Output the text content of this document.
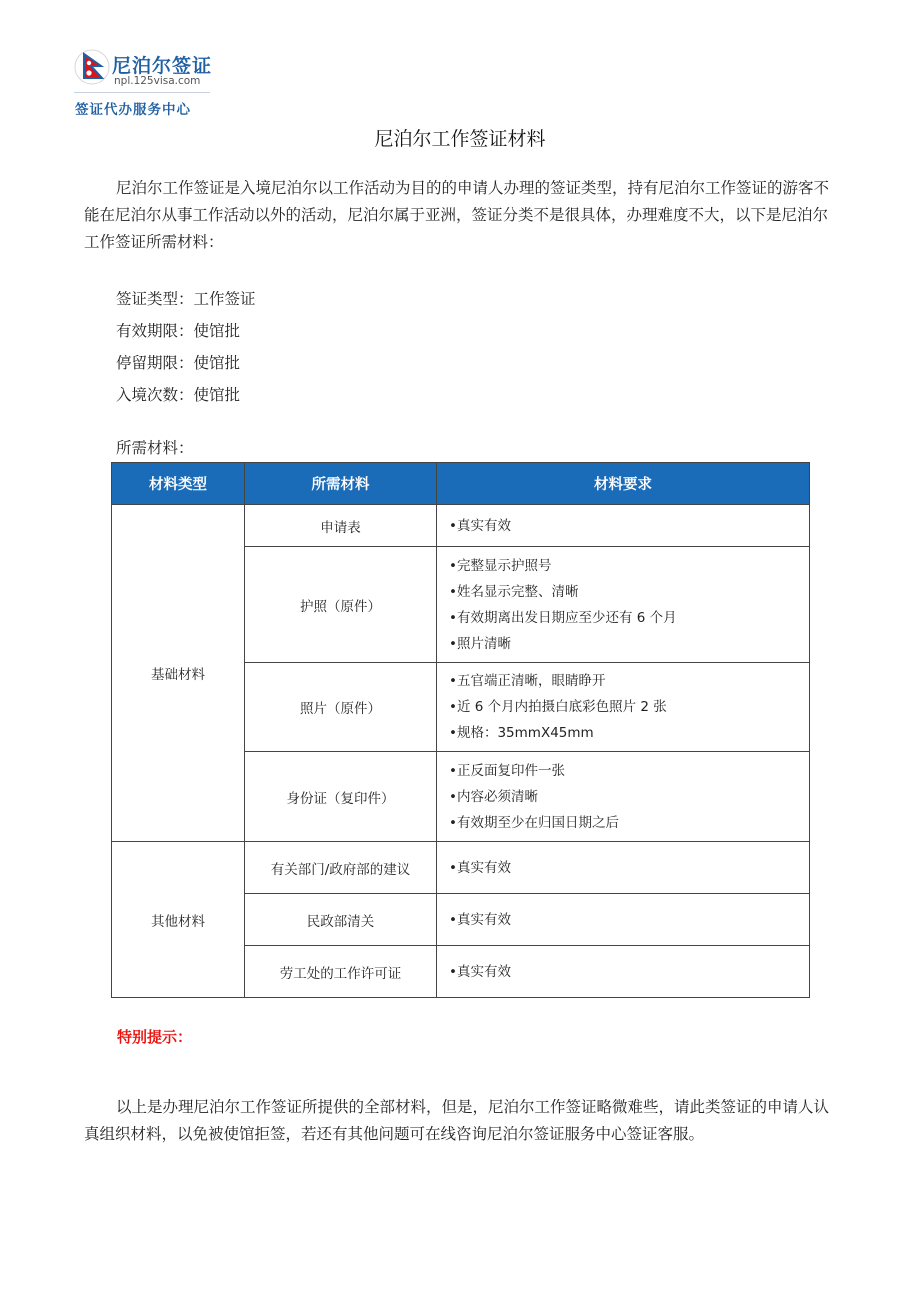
尼泊尔签证
npl.125visa.com
签证代办服务中心
尼泊尔工作签证材料

尼泊尔工作签证是入境尼泊尔以工作活动为目的的申请人办理的签证类型，持有尼泊尔工作签证的游客不能在尼泊尔从事工作活动以外的活动，尼泊尔属于亚洲，签证分类不是很具体，办理难度不大，以下是尼泊尔工作签证所需材料：

签证类型：工作签证
有效期限：使馆批
停留期限：使馆批
入境次数：使馆批
所需材料：
材料类型	所需材料	材料要求
基础材料	申请表	•真实有效

	护照（原件）	•完整显示护照号
•姓名显示完整、清晰
•有效期离出发日期应至少还有 6 个月
•照片清晰

	照片（原件）	•五官端正清晰，眼睛睁开
•近 6 个月内拍摄白底彩色照片 2 张
•规格：35mmX45mm

	身份证（复印件）	•正反面复印件一张
•内容必须清晰
•有效期至少在归国日期之后

其他材料	有关部门/政府部的建议	•真实有效

	民政部清关	•真实有效

	劳工处的工作许可证	•真实有效
特别提示：

以上是办理尼泊尔工作签证所提供的全部材料，但是，尼泊尔工作签证略微难些，请此类签证的申请人认真组织材料，以免被使馆拒签，若还有其他问题可在线咨询尼泊尔签证服务中心签证客服。
